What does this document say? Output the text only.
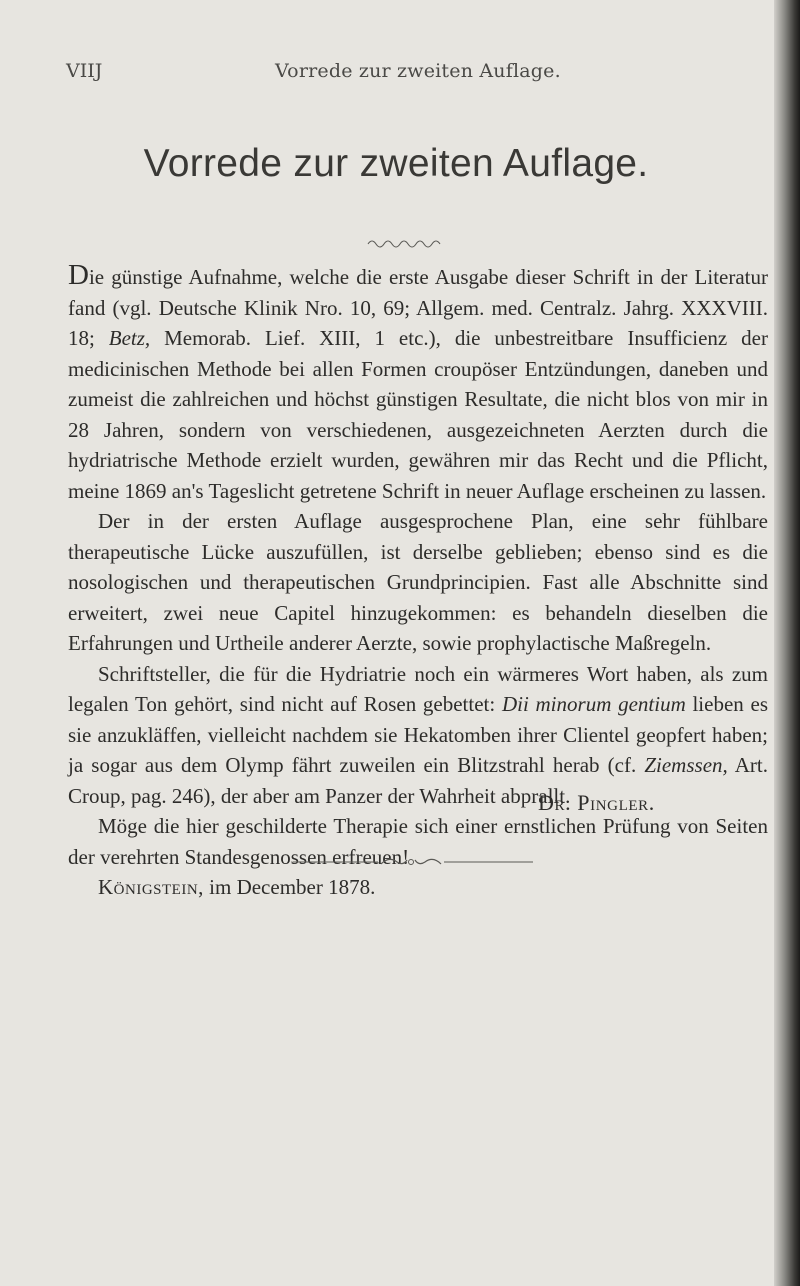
VIIJ	Vorrede zur zweiten Auflage.
Vorrede zur zweiten Auflage.

Die günstige Aufnahme, welche die erste Ausgabe dieser Schrift in der Literatur fand (vgl. Deutsche Klinik Nro. 10, 69; Allgem. med. Centralz. Jahrg. XXXVIII. 18; Betz, Memorab. Lief. XIII, 1 etc.), die unbestreitbare Insufficienz der medicinischen Methode bei allen Formen croupöser Entzündungen, daneben und zumeist die zahlreichen und höchst günstigen Resultate, die nicht blos von mir in 28 Jahren, sondern von verschiedenen, ausgezeichneten Aerzten durch die hydriatrische Methode erzielt wurden, gewähren mir das Recht und die Pflicht, meine 1869 an's Tageslicht getretene Schrift in neuer Auflage erscheinen zu lassen.

Der in der ersten Auflage ausgesprochene Plan, eine sehr fühlbare therapeutische Lücke auszufüllen, ist derselbe geblieben; ebenso sind es die nosologischen und therapeutischen Grundprincipien. Fast alle Abschnitte sind erweitert, zwei neue Capitel hinzugekommen: es behandeln dieselben die Erfahrungen und Urtheile anderer Aerzte, sowie prophylactische Maßregeln.

Schriftsteller, die für die Hydriatrie noch ein wärmeres Wort haben, als zum legalen Ton gehört, sind nicht auf Rosen gebettet: Dii minorum gentium lieben es sie anzukläffen, vielleicht nachdem sie Hekatomben ihrer Clientel geopfert haben; ja sogar aus dem Olymp fährt zuweilen ein Blitzstrahl herab (cf. Ziemssen, Art. Croup, pag. 246), der aber am Panzer der Wahrheit abprallt.

Möge die hier geschilderte Therapie sich einer ernstlichen Prüfung von Seiten der verehrten Standesgenossen erfreuen!

Königstein, im December 1878.

Dr. Pingler.
